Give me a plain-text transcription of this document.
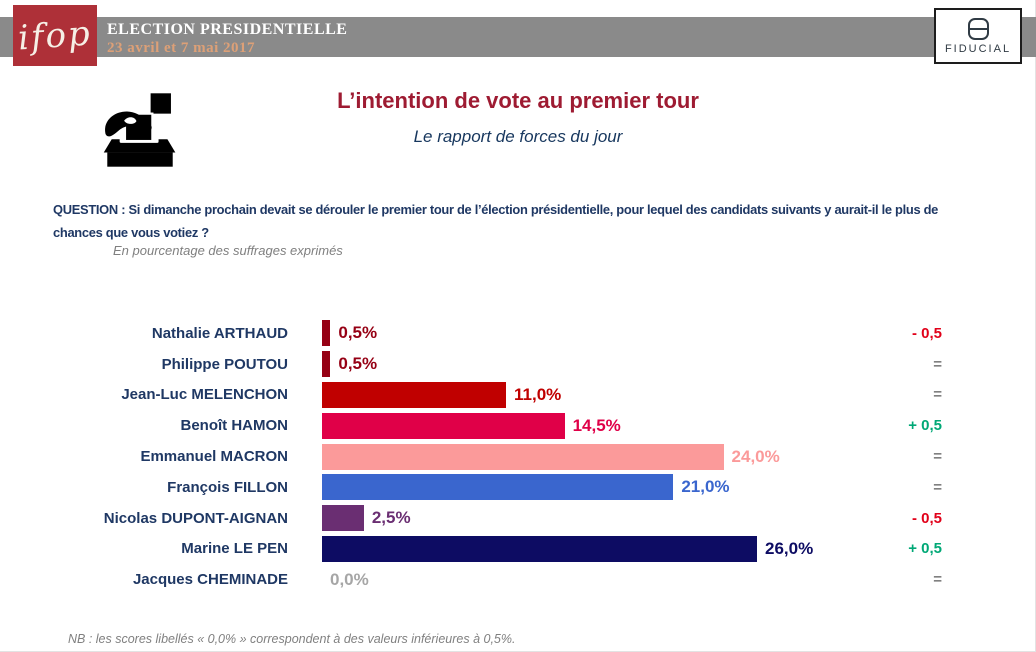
ifop ELECTION PRESIDENTIELLE
23 avril et 7 mai 2017	FIDUCIAL
L’intention de vote au premier tour
Le rapport de forces du jour

QUESTION : Si dimanche prochain devait se dérouler le premier tour de l’élection présidentielle, pour lequel des candidats suivants y aurait-il le plus de chances que vous votiez ?

En pourcentage des suffrages exprimés
Nathalie ARTHAUD	0,5%	- 0,5
Philippe POUTOU	0,5%	=
Jean-Luc MELENCHON	11,0%	=
Benoît HAMON	14,5%	+ 0,5
Emmanuel MACRON	24,0%	=
François FILLON	21,0%	=
Nicolas DUPONT-AIGNAN	2,5%	- 0,5
Marine LE PEN	26,0%	+ 0,5
Jacques CHEMINADE 0,0%	=
NB : les scores libellés « 0,0% » correspondent à des valeurs inférieures à 0,5%.
